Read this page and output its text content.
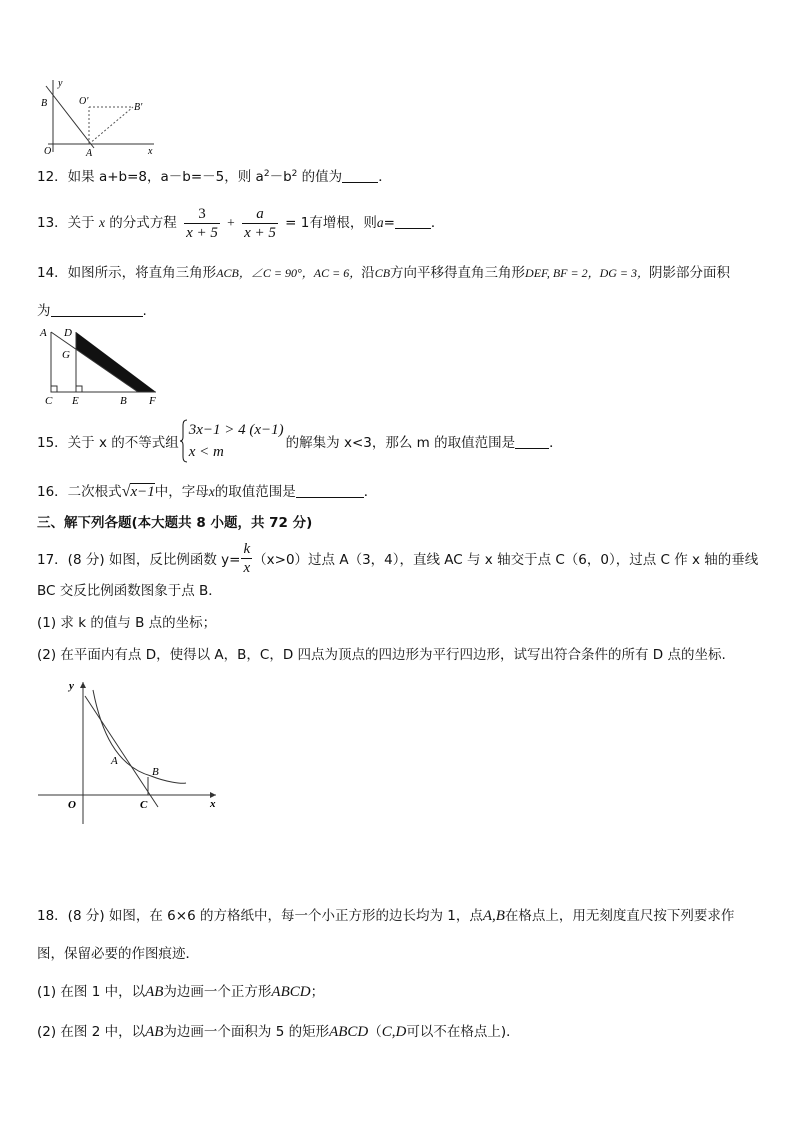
y
B	O'
B'
O	A	x
12．如果 a+b=8，a－b=－5，则 $a^2-b^2$ 的值为	．
13．关于 x 的分式方程 $\frac{3}{x + 5} + \frac{a}{x + 5} = 1$有增根，则a=	．
14．如图所示，将直角三角形ACB，∠C = 90°，AC = 6，沿CB方向平移得直角三角形DEF, BF = 2，DG = 3，阴影部分面积
为	.
A D
G
C E	B F
15．关于 x 的不等式组
3x−1 > 4 (x−1)
x < m
的解集为 x<3，那么 m 的取值范围是	．
16．二次根式√x−1中，字母x的取值范围是	．
三、解下列各题(本大题共 8 小题，共 72 分)
17．(8 分) 如图，反比例函数 $y= \frac{k}{x} (x>0)$过点 A（3，4），直线 AC 与 x 轴交于点 C（6，0），过点 C 作 x 轴的垂线
BC 交反比例函数图象于点 B．
(1) 求 k 的值与 B 点的坐标；
(2) 在平面内有点 D，使得以 A，B，C，D 四点为顶点的四边形为平行四边形，试写出符合条件的所有 D 点的坐标.
y
A
B
O	C	x
18．(8 分) 如图，在 6×6 的方格纸中，每一个小正方形的边长均为 1，点A,B在格点上，用无刻度直尺按下列要求作
图，保留必要的作图痕迹．
(1) 在图 1 中，以AB为边画一个正方形ABCD；
(2) 在图 2 中，以AB为边画一个面积为 5 的矩形ABCD（C,D可以不在格点上)．
